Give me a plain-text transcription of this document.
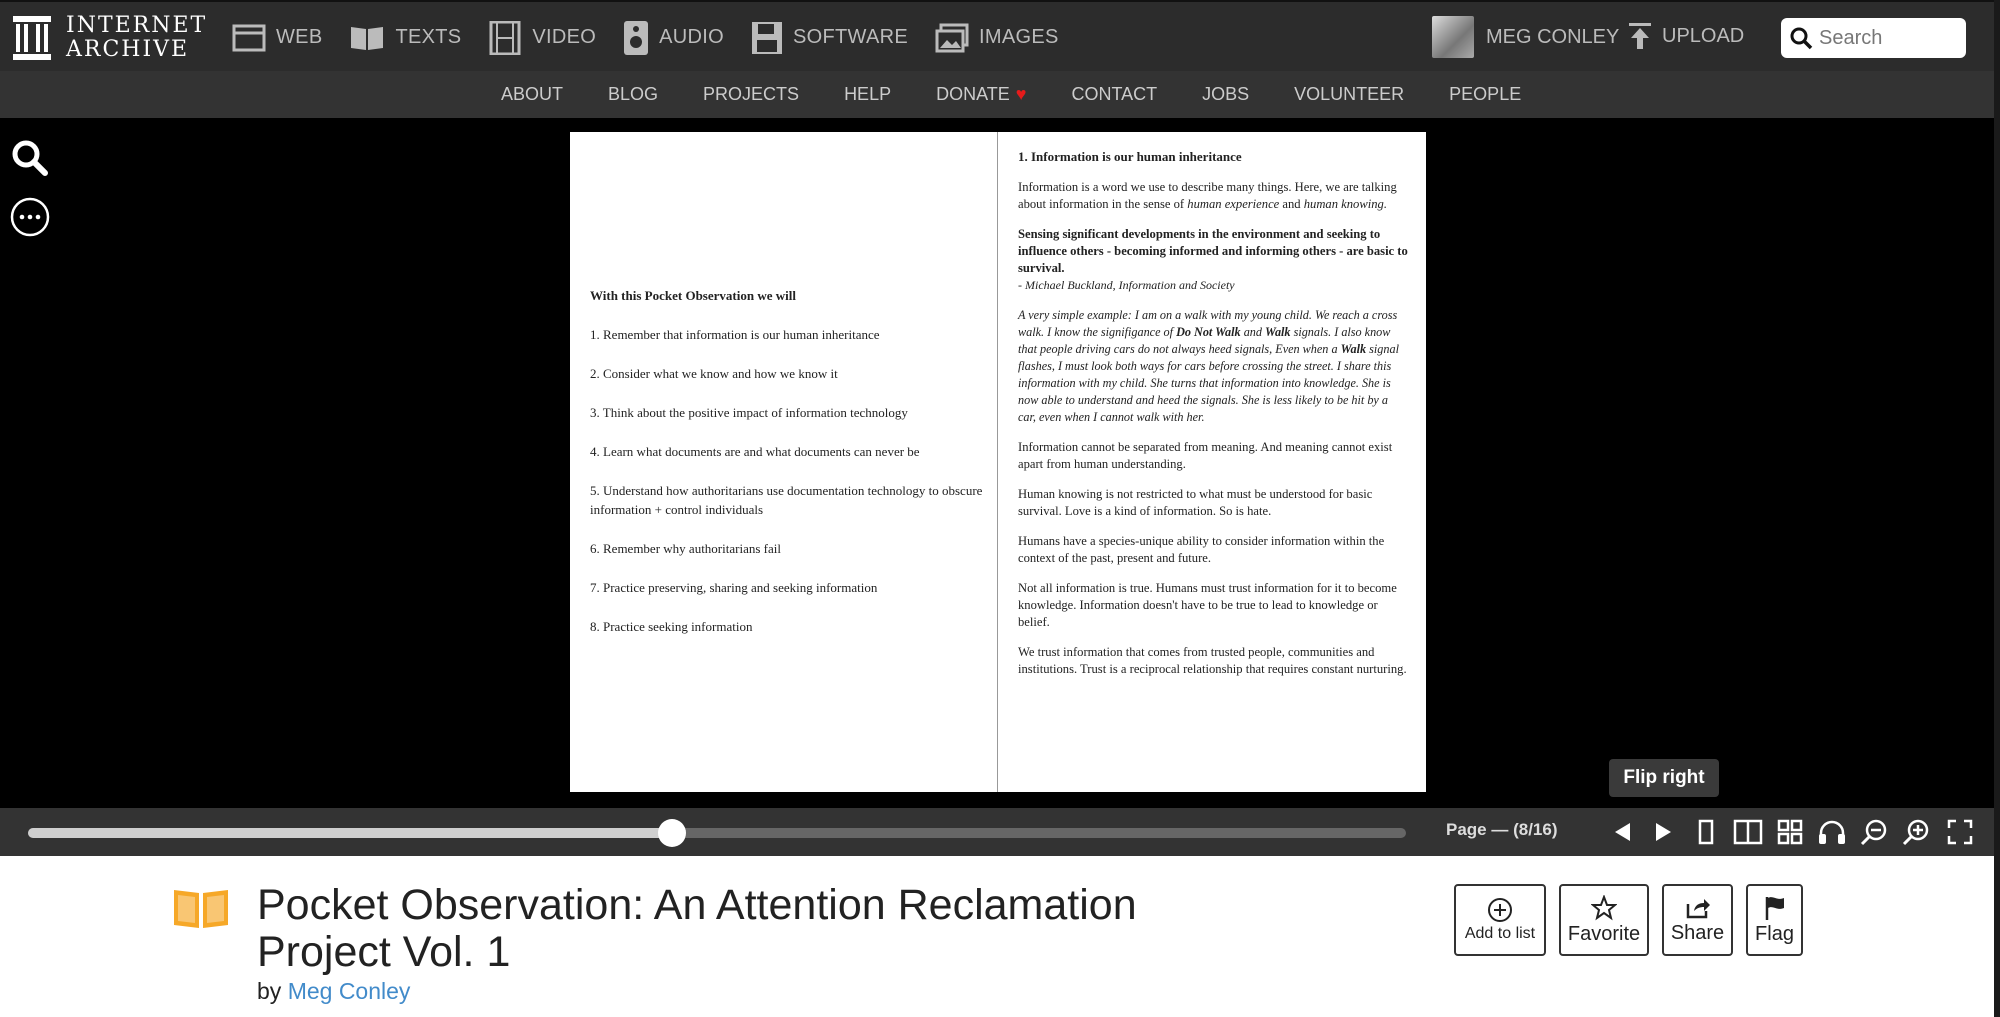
INTERNET
ARCHIVE	WEB	TEXTS	VIDEO	AUDIO	SOFTWARE	IMAGES	MEG CONLEY UPLOAD
Search
ABOUT	BLOG	PROJECTS	HELP	DONATE ♥	CONTACT	JOBS	VOLUNTEER	PEOPLE
With this Pocket Observation we will
1. Remember that information is our human inheritance
2. Consider what we know and how we know it
3. Think about the positive impact of information technology
4. Learn what documents are and what documents can never be
5. Understand how authoritarians use documentation technology to obscure information + control individuals
6. Remember why authoritarians fail
7. Practice preserving, sharing and seeking information
8. Practice seeking information
1. Information is our human inheritance
Information is a word we use to describe many things. Here, we are talking about information in the sense of human experience and human knowing.
Sensing significant developments in the environment and seeking to influence others - becoming informed and informing others - are basic to survival.
- Michael Buckland, Information and Society
A very simple example: I am on a walk with my young child. We reach a cross walk. I know the signifigance of Do Not Walk and Walk signals. I also know that people driving cars do not always heed signals, Even when a Walk signal flashes, I must look both ways for cars before crossing the street. I share this information with my child. She turns that information into knowledge. She is now able to understand and heed the signals. She is less likely to be hit by a car, even when I cannot walk with her.
Information cannot be separated from meaning. And meaning cannot exist apart from human understanding.
Human knowing is not restricted to what must be understood for basic survival. Love is a kind of information. So is hate.
Humans have a species-unique ability to consider information within the context of the past, present and future.
Not all information is true. Humans must trust information for it to become knowledge. Information doesn't have to be true to lead to knowledge or belief.
We trust information that comes from trusted people, communities and institutions. Trust is a reciprocal relationship that requires constant nurturing.
Flip right
Page — (8/16)
Pocket Observation: An Attention Reclamation Project Vol. 1
by Meg Conley
Add to list Favorite Share Flag
